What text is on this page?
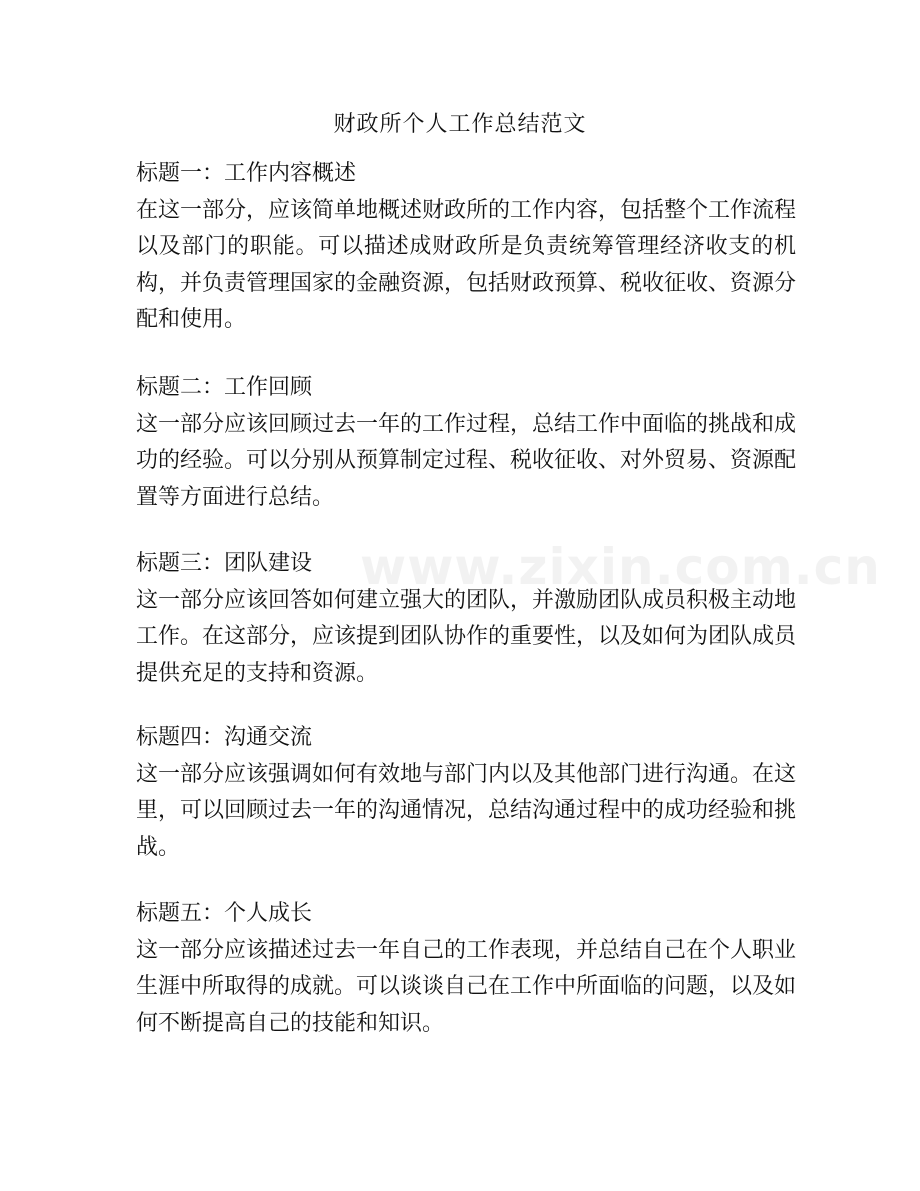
www.zixin.com.cn
财政所个人工作总结范文

标题一：工作内容概述

在这一部分，应该简单地概述财政所的工作内容，包括整个工作流程以及部门的职能。可以描述成财政所是负责统筹管理经济收支的机构，并负责管理国家的金融资源，包括财政预算、税收征收、资源分配和使用。

标题二：工作回顾

这一部分应该回顾过去一年的工作过程，总结工作中面临的挑战和成功的经验。可以分别从预算制定过程、税收征收、对外贸易、资源配置等方面进行总结。

标题三：团队建设

这一部分应该回答如何建立强大的团队，并激励团队成员积极主动地工作。在这部分，应该提到团队协作的重要性，以及如何为团队成员提供充足的支持和资源。

标题四：沟通交流

这一部分应该强调如何有效地与部门内以及其他部门进行沟通。在这里，可以回顾过去一年的沟通情况，总结沟通过程中的成功经验和挑战。

标题五：个人成长

这一部分应该描述过去一年自己的工作表现，并总结自己在个人职业生涯中所取得的成就。可以谈谈自己在工作中所面临的问题，以及如何不断提高自己的技能和知识。
